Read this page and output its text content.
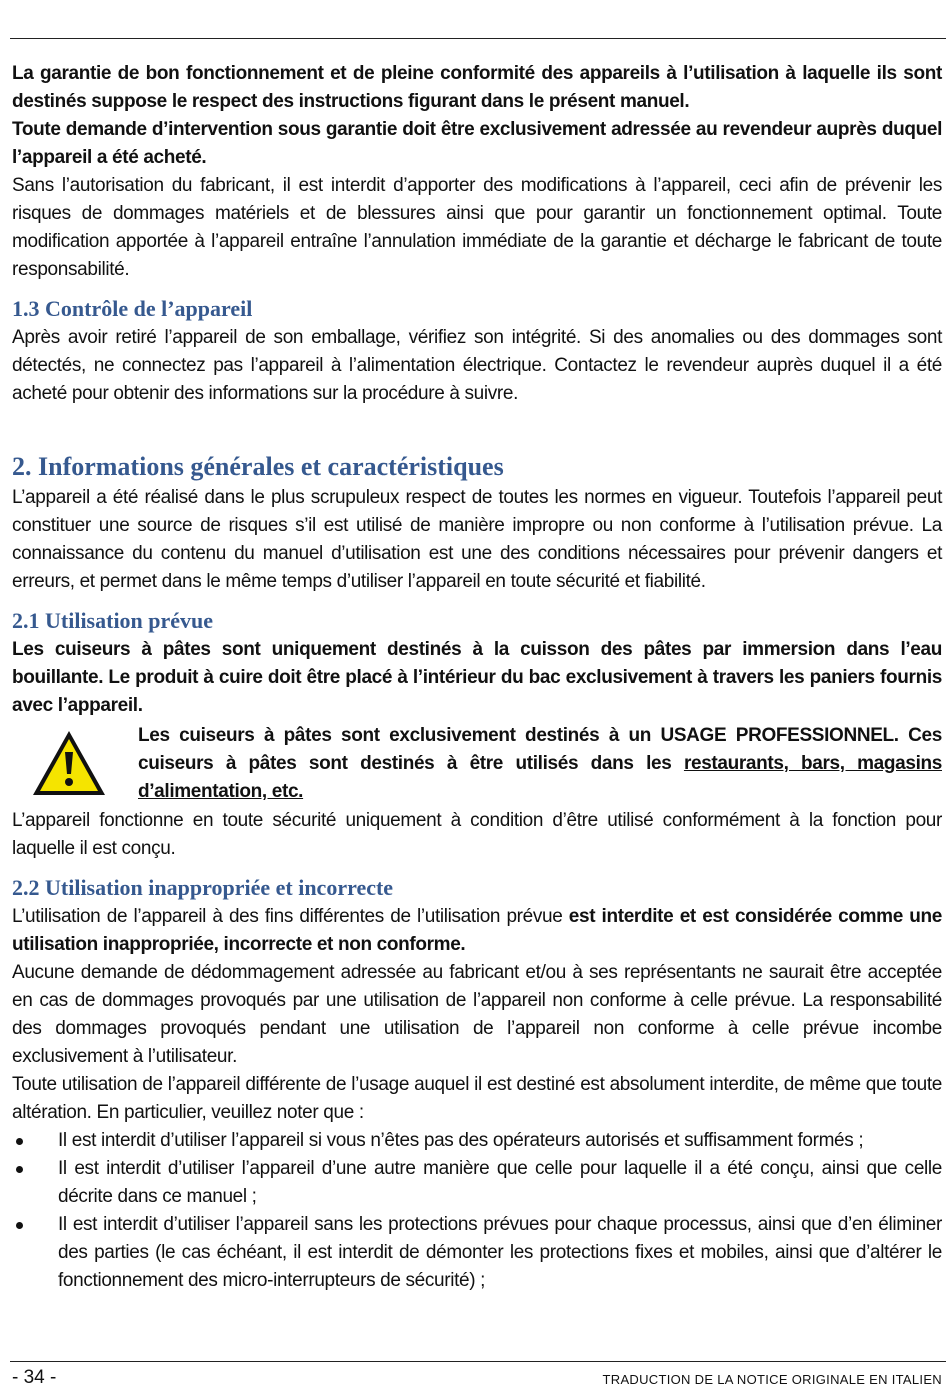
La garantie de bon fonctionnement et de pleine conformité des appareils à l’utilisation à laquelle ils sont destinés suppose le respect des instructions figurant dans le présent manuel.

Toute demande d’intervention sous garantie doit être exclusivement adressée au revendeur auprès duquel l’appareil a été acheté.

Sans l’autorisation du fabricant, il est interdit d’apporter des modifications à l’appareil, ceci afin de prévenir les risques de dommages matériels et de blessures ainsi que pour garantir un fonctionnement optimal. Toute modification apportée à l’appareil entraîne l’annulation immédiate de la garantie et décharge le fabricant de toute responsabilité.

1.3 Contrôle de l’appareil

Après avoir retiré l’appareil de son emballage, vérifiez son intégrité. Si des anomalies ou des dommages sont détectés, ne connectez pas l’appareil à l’alimentation électrique. Contactez le revendeur auprès duquel il a été acheté pour obtenir des informations sur la procédure à suivre.

2. Informations générales et caractéristiques

L’appareil a été réalisé dans le plus scrupuleux respect de toutes les normes en vigueur. Toutefois l’appareil peut constituer une source de risques s’il est utilisé de manière impropre ou non conforme à l’utilisation prévue. La connaissance du contenu du manuel d’utilisation est une des conditions nécessaires pour prévenir dangers et erreurs, et permet dans le même temps d’utiliser l’appareil en toute sécurité et fiabilité.

2.1 Utilisation prévue

Les cuiseurs à pâtes sont uniquement destinés à la cuisson des pâtes par immersion dans l’eau bouillante. Le produit à cuire doit être placé à l’intérieur du bac exclusivement à travers les paniers fournis avec l’appareil.

Les cuiseurs à pâtes sont exclusivement destinés à un USAGE PROFESSIONNEL. Ces cuiseurs à pâtes sont destinés à être utilisés dans les restaurants, bars, magasins d’alimentation, etc.

L’appareil fonctionne en toute sécurité uniquement à condition d’être utilisé conformément à la fonction pour laquelle il est conçu.

2.2 Utilisation inappropriée et incorrecte

L’utilisation de l’appareil à des fins différentes de l’utilisation prévue est interdite et est considérée comme une utilisation inappropriée, incorrecte et non conforme.

Aucune demande de dédommagement adressée au fabricant et/ou à ses représentants ne saurait être acceptée en cas de dommages provoqués par une utilisation de l’appareil non conforme à celle prévue. La responsabilité des dommages provoqués pendant une utilisation de l’appareil non conforme à celle prévue incombe exclusivement à l’utilisateur.

Toute utilisation de l’appareil différente de l’usage auquel il est destiné est absolument interdite, de même que toute altération. En particulier, veuillez noter que :

Il est interdit d’utiliser l’appareil si vous n’êtes pas des opérateurs autorisés et suffisamment formés ;
Il est interdit d’utiliser l’appareil d’une autre manière que celle pour laquelle il a été conçu, ainsi que celle décrite dans ce manuel ;
Il est interdit d’utiliser l’appareil sans les protections prévues pour chaque processus, ainsi que d’en éliminer des parties (le cas échéant, il est interdit de démonter les protections fixes et mobiles, ainsi que d’altérer le fonctionnement des micro-interrupteurs de sécurité) ;
- 34 -	TRADUCTION DE LA NOTICE ORIGINALE EN ITALIEN
